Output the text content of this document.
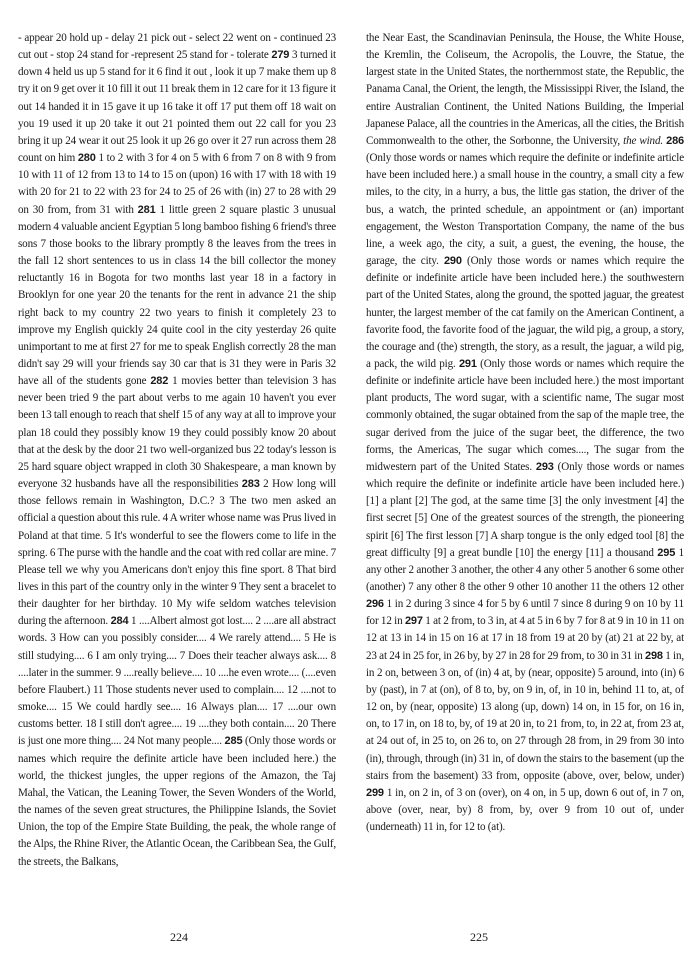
- appear 20 hold up - delay 21 pick out - select 22 went on - continued 23 cut out - stop 24 stand for -represent 25 stand for - tolerate 279 3 turned it down 4 held us up 5 stand for it 6 find it out , look it up 7 make them up 8 try it on 9 get over it 10 fill it out 11 break them in 12 care for it 13 figure it out 14 handed it in 15 gave it up 16 take it off 17 put them off 18 wait on you 19 used it up 20 take it out 21 pointed them out 22 call for you 23 bring it up 24 wear it out 25 look it up 26 go over it 27 run across them 28 count on him 280 1 to 2 with 3 for 4 on 5 with 6 from 7 on 8 with 9 from 10 with 11 of 12 from 13 to 14 to 15 on (upon) 16 with 17 with 18 with 19 with 20 for 21 to 22 with 23 for 24 to 25 of 26 with (in) 27 to 28 with 29 on 30 from, from 31 with 281 1 little green 2 square plastic 3 unusual modern 4 valuable ancient Egyptian 5 long bamboo fishing 6 friend's three sons 7 those books to the library promptly 8 the leaves from the trees in the fall 12 short sentences to us in class 14 the bill collector the money reluctantly 16 in Bogota for two months last year 18 in a factory in Brooklyn for one year 20 the tenants for the rent in advance 21 the ship right back to my country 22 two years to finish it completely 23 to improve my English quickly 24 quite cool in the city yesterday 26 quite unimportant to me at first 27 for me to speak English correctly 28 the man didn't say 29 will your friends say 30 car that is 31 they were in Paris 32 have all of the students gone 282 1 movies better than television 3 has never been tried 9 the part about verbs to me again 10 haven't you ever been 13 tall enough to reach that shelf 15 of any way at all to improve your plan 18 could they possibly know 19 they could possibly know 20 about that at the desk by the door 21 two well-organized bus 22 today's lesson is 25 hard square object wrapped in cloth 30 Shakespeare, a man known by everyone 32 husbands have all the responsibilities 283 2 How long will those fellows remain in Washington, D.C.? 3 The two men asked an official a question about this rule. 4 A writer whose name was Prus lived in Poland at that time. 5 It's wonderful to see the flowers come to life in the spring. 6 The purse with the handle and the coat with red collar are mine. 7 Please tell we why you Americans don't enjoy this fine sport. 8 That bird lives in this part of the country only in the winter 9 They sent a bracelet to their daughter for her birthday. 10 My wife seldom watches television during the afternoon. 284 1 ....Albert almost got lost.... 2 ....are all abstract words. 3 How can you possibly consider.... 4 We rarely attend.... 5 He is still studying.... 6 I am only trying.... 7 Does their teacher always ask.... 8 ....later in the summer. 9 ....really believe.... 10 ....he even wrote.... (....even before Flaubert.) 11 Those students never used to complain.... 12 ....not to smoke.... 15 We could hardly see.... 16 Always plan.... 17 ....our own customs better. 18 I still don't agree.... 19 ....they both contain.... 20 There is just one more thing.... 24 Not many people.... 285 (Only those words or names which require the definite article have been included here.) the world, the thickest jungles, the upper regions of the Amazon, the Taj Mahal, the Vatican, the Leaning Tower, the Seven Wonders of the World, the names of the seven great structures, the Philippine Islands, the Soviet Union, the top of the Empire State Building, the peak, the whole range of the Alps, the Rhine River, the Atlantic Ocean, the Caribbean Sea, the Gulf, the streets, the Balkans,

224

the Near East, the Scandinavian Peninsula, the House, the White House, the Kremlin, the Coliseum, the Acropolis, the Louvre, the Statue, the largest state in the United States, the northernmost state, the Republic, the Panama Canal, the Orient, the length, the Mississippi River, the Island, the entire Australian Continent, the United Nations Building, the Imperial Japanese Palace, all the countries in the Americas, all the cities, the British Commonwealth to the other, the Sorbonne, the University, the wind. 286 (Only those words or names which require the definite or indefinite article have been included here.) a small house in the country, a small city a few miles, to the city, in a hurry, a bus, the little gas station, the driver of the bus, a watch, the printed schedule, an appointment or (an) important engagement, the Weston Transportation Company, the name of the bus line, a week ago, the city, a suit, a guest, the evening, the house, the garage, the city. 290 (Only those words or names which require the definite or indefinite article have been included here.) the southwestern part of the United States, along the ground, the spotted jaguar, the greatest hunter, the largest member of the cat family on the American Continent, a favorite food, the favorite food of the jaguar, the wild pig, a group, a story, the courage and (the) strength, the story, as a result, the jaguar, a wild pig, a pack, the wild pig. 291 (Only those words or names which require the definite or indefinite article have been included here.) the most important plant products, The word sugar, with a scientific name, The sugar most commonly obtained, the sugar obtained from the sap of the maple tree, the sugar derived from the juice of the sugar beet, the difference, the two forms, the Americas, The sugar which comes...., The sugar from the midwestern part of the United States. 293 (Only those words or names which require the definite or indefinite article have been included here.) [1] a plant [2] The god, at the same time [3] the only investment [4] the first secret [5] One of the greatest sources of the strength, the pioneering spirit [6] The first lesson [7] A sharp tongue is the only edged tool [8] the great difficulty [9] a great bundle [10] the energy [11] a thousand 295 1 any other 2 another 3 another, the other 4 any other 5 another 6 some other (another) 7 any other 8 the other 9 other 10 another 11 the others 12 other 296 1 in 2 during 3 since 4 for 5 by 6 until 7 since 8 during 9 on 10 by 11 for 12 in 297 1 at 2 from, to 3 in, at 4 at 5 in 6 by 7 for 8 at 9 in 10 in 11 on 12 at 13 in 14 in 15 on 16 at 17 in 18 from 19 at 20 by (at) 21 at 22 by, at 23 at 24 in 25 for, in 26 by, by 27 in 28 for 29 from, to 30 in 31 in 298 1 in, in 2 on, between 3 on, of (in) 4 at, by (near, opposite) 5 around, into (in) 6 by (past), in 7 at (on), of 8 to, by, on 9 in, of, in 10 in, behind 11 to, at, of 12 on, by (near, opposite) 13 along (up, down) 14 on, in 15 for, on 16 in, on, to 17 in, on 18 to, by, of 19 at 20 in, to 21 from, to, in 22 at, from 23 at, at 24 out of, in 25 to, on 26 to, on 27 through 28 from, in 29 from 30 into (in), through, through (in) 31 in, of down the stairs to the basement (up the stairs from the basement) 33 from, opposite (above, over, below, under) 299 1 in, on 2 in, of 3 on (over), on 4 on, in 5 up, down 6 out of, in 7 on, above (over, near, by) 8 from, by, over 9 from 10 out of, under (underneath) 11 in, for 12 to (at).

225
